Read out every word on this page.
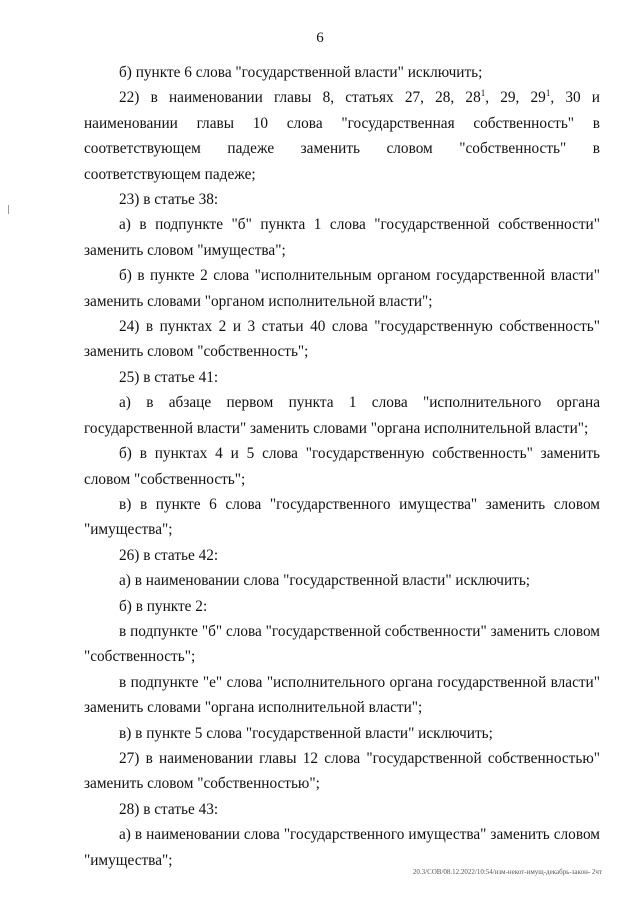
6

б) пункте 6 слова "государственной власти" исключить;

22) в наименовании главы 8, статьях 27, 28, $28^1$, 29, $29^1$, 30 и наименовании главы 10 слова "государственная собственность" в соответствующем падеже заменить словом "собственность" в соответствующем падеже;

23) в статье 38:

а) в подпункте "б" пункта 1 слова "государственной собственности" заменить словом "имущества";

б) в пункте 2 слова "исполнительным органом государственной власти" заменить словами "органом исполнительной власти";

24) в пунктах 2 и 3 статьи 40 слова "государственную собственность" заменить словом "собственность";

25) в статье 41:

а) в абзаце первом пункта 1 слова "исполнительного органа государственной власти" заменить словами "органа исполнительной власти";

б) в пунктах 4 и 5 слова "государственную собственность" заменить словом "собственность";

в) в пункте 6 слова "государственного имущества" заменить словом "имущества";

26) в статье 42:

а) в наименовании слова "государственной власти" исключить;

б) в пункте 2:

в подпункте "б" слова "государственной собственности" заменить словом "собственность";

в подпункте "е" слова "исполнительного органа государственной власти" заменить словами "органа исполнительной власти";

в) в пункте 5 слова "государственной власти" исключить;

27) в наименовании главы 12 слова "государственной собственностью" заменить словом "собственностью";

28) в статье 43:

а) в наименовании слова "государственного имущества" заменить словом "имущества";

20.3/СОВ/08.12.2022/10:54/изм-некот-имущ-декабрь-закон- 2чт
